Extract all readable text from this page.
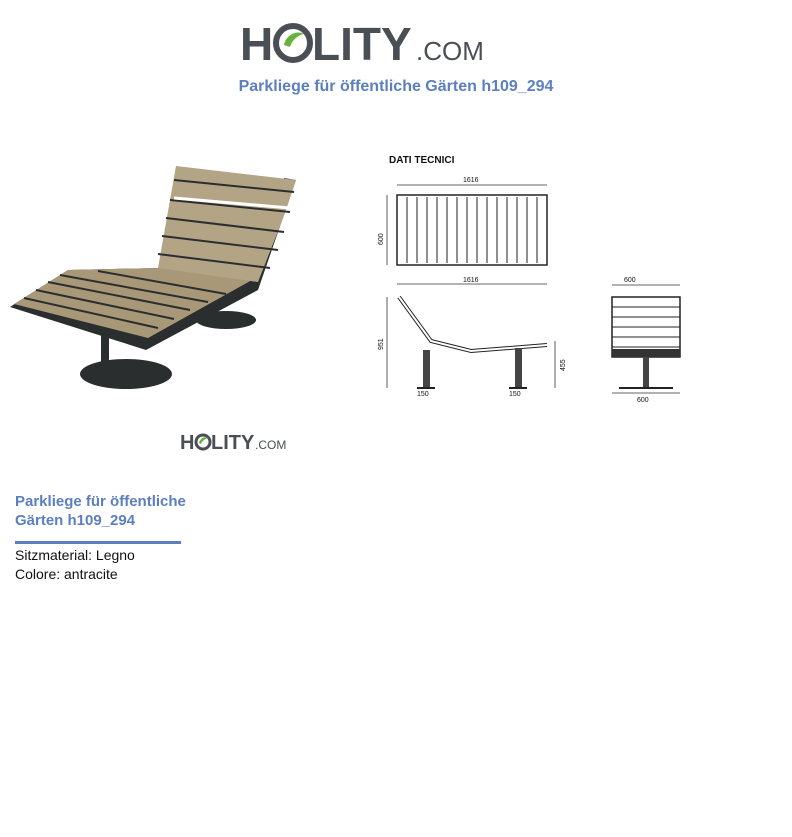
H LITY .COM
Parkliege für öffentliche Gärten h109_294
H LITY .COM
DATI TECNICI
1616
600
1616
951
455
150	150
600
600
Parkliege für öffentliche
Gärten h109_294
Sitzmaterial: Legno
Colore: antracite
